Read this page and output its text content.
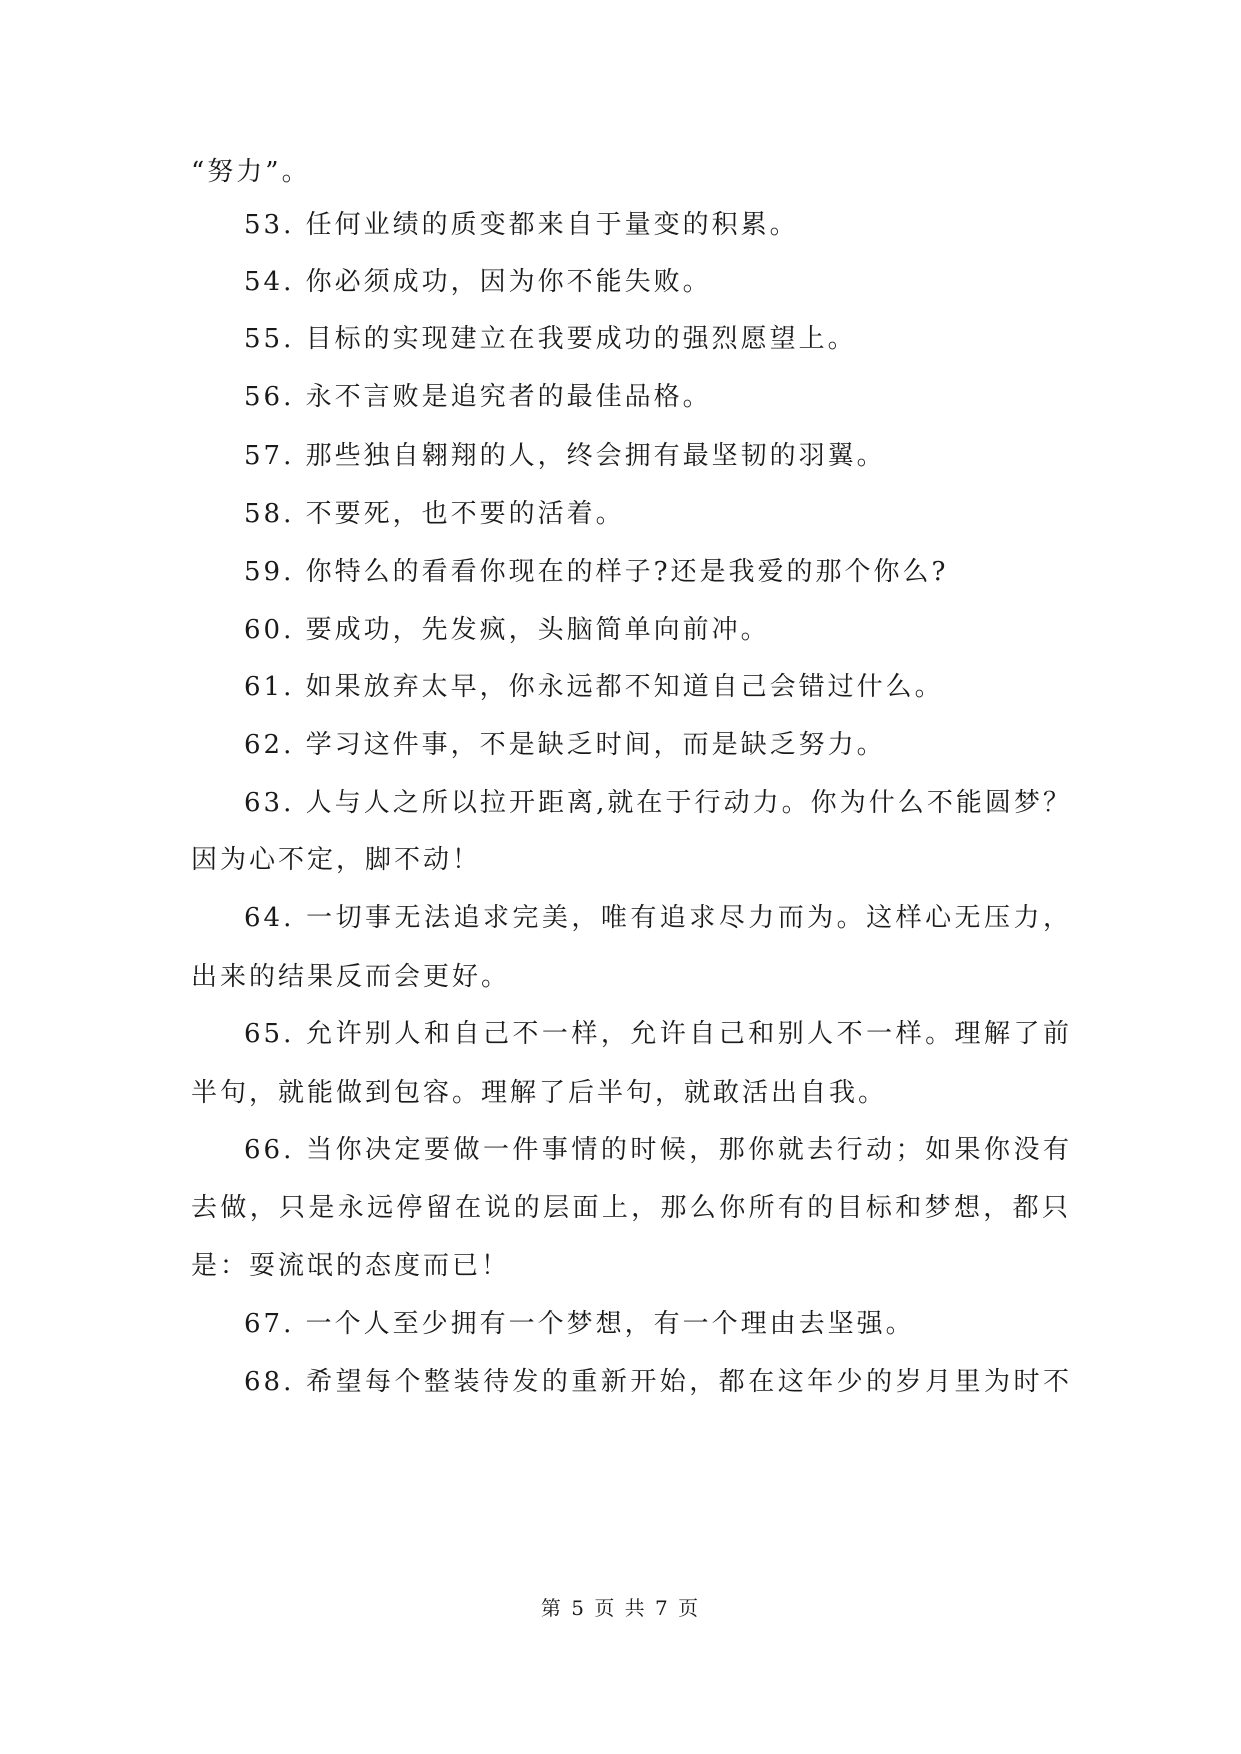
“努力”。
53. 任何业绩的质变都来自于量变的积累。
54. 你必须成功，因为你不能失败。
55. 目标的实现建立在我要成功的强烈愿望上。
56. 永不言败是追究者的最佳品格。
57. 那些独自翱翔的人，终会拥有最坚韧的羽翼。
58. 不要死，也不要的活着。
59. 你特么的看看你现在的样子?还是我爱的那个你么?
60. 要成功，先发疯，头脑简单向前冲。
61. 如果放弃太早，你永远都不知道自己会错过什么。
62. 学习这件事，不是缺乏时间，而是缺乏努力。
63. 人与人之所以拉开距离,就在于行动力。你为什么不能圆梦？
因为心不定，脚不动！
64. 一切事无法追求完美，唯有追求尽力而为。这样心无压力，
出来的结果反而会更好。
65. 允许别人和自己不一样，允许自己和别人不一样。理解了前
半句，就能做到包容。理解了后半句，就敢活出自我。
66. 当你决定要做一件事情的时候，那你就去行动；如果你没有
去做，只是永远停留在说的层面上，那么你所有的目标和梦想，都只
是：耍流氓的态度而已！
67. 一个人至少拥有一个梦想，有一个理由去坚强。
68. 希望每个整装待发的重新开始，都在这年少的岁月里为时不
第 5 页 共 7 页
